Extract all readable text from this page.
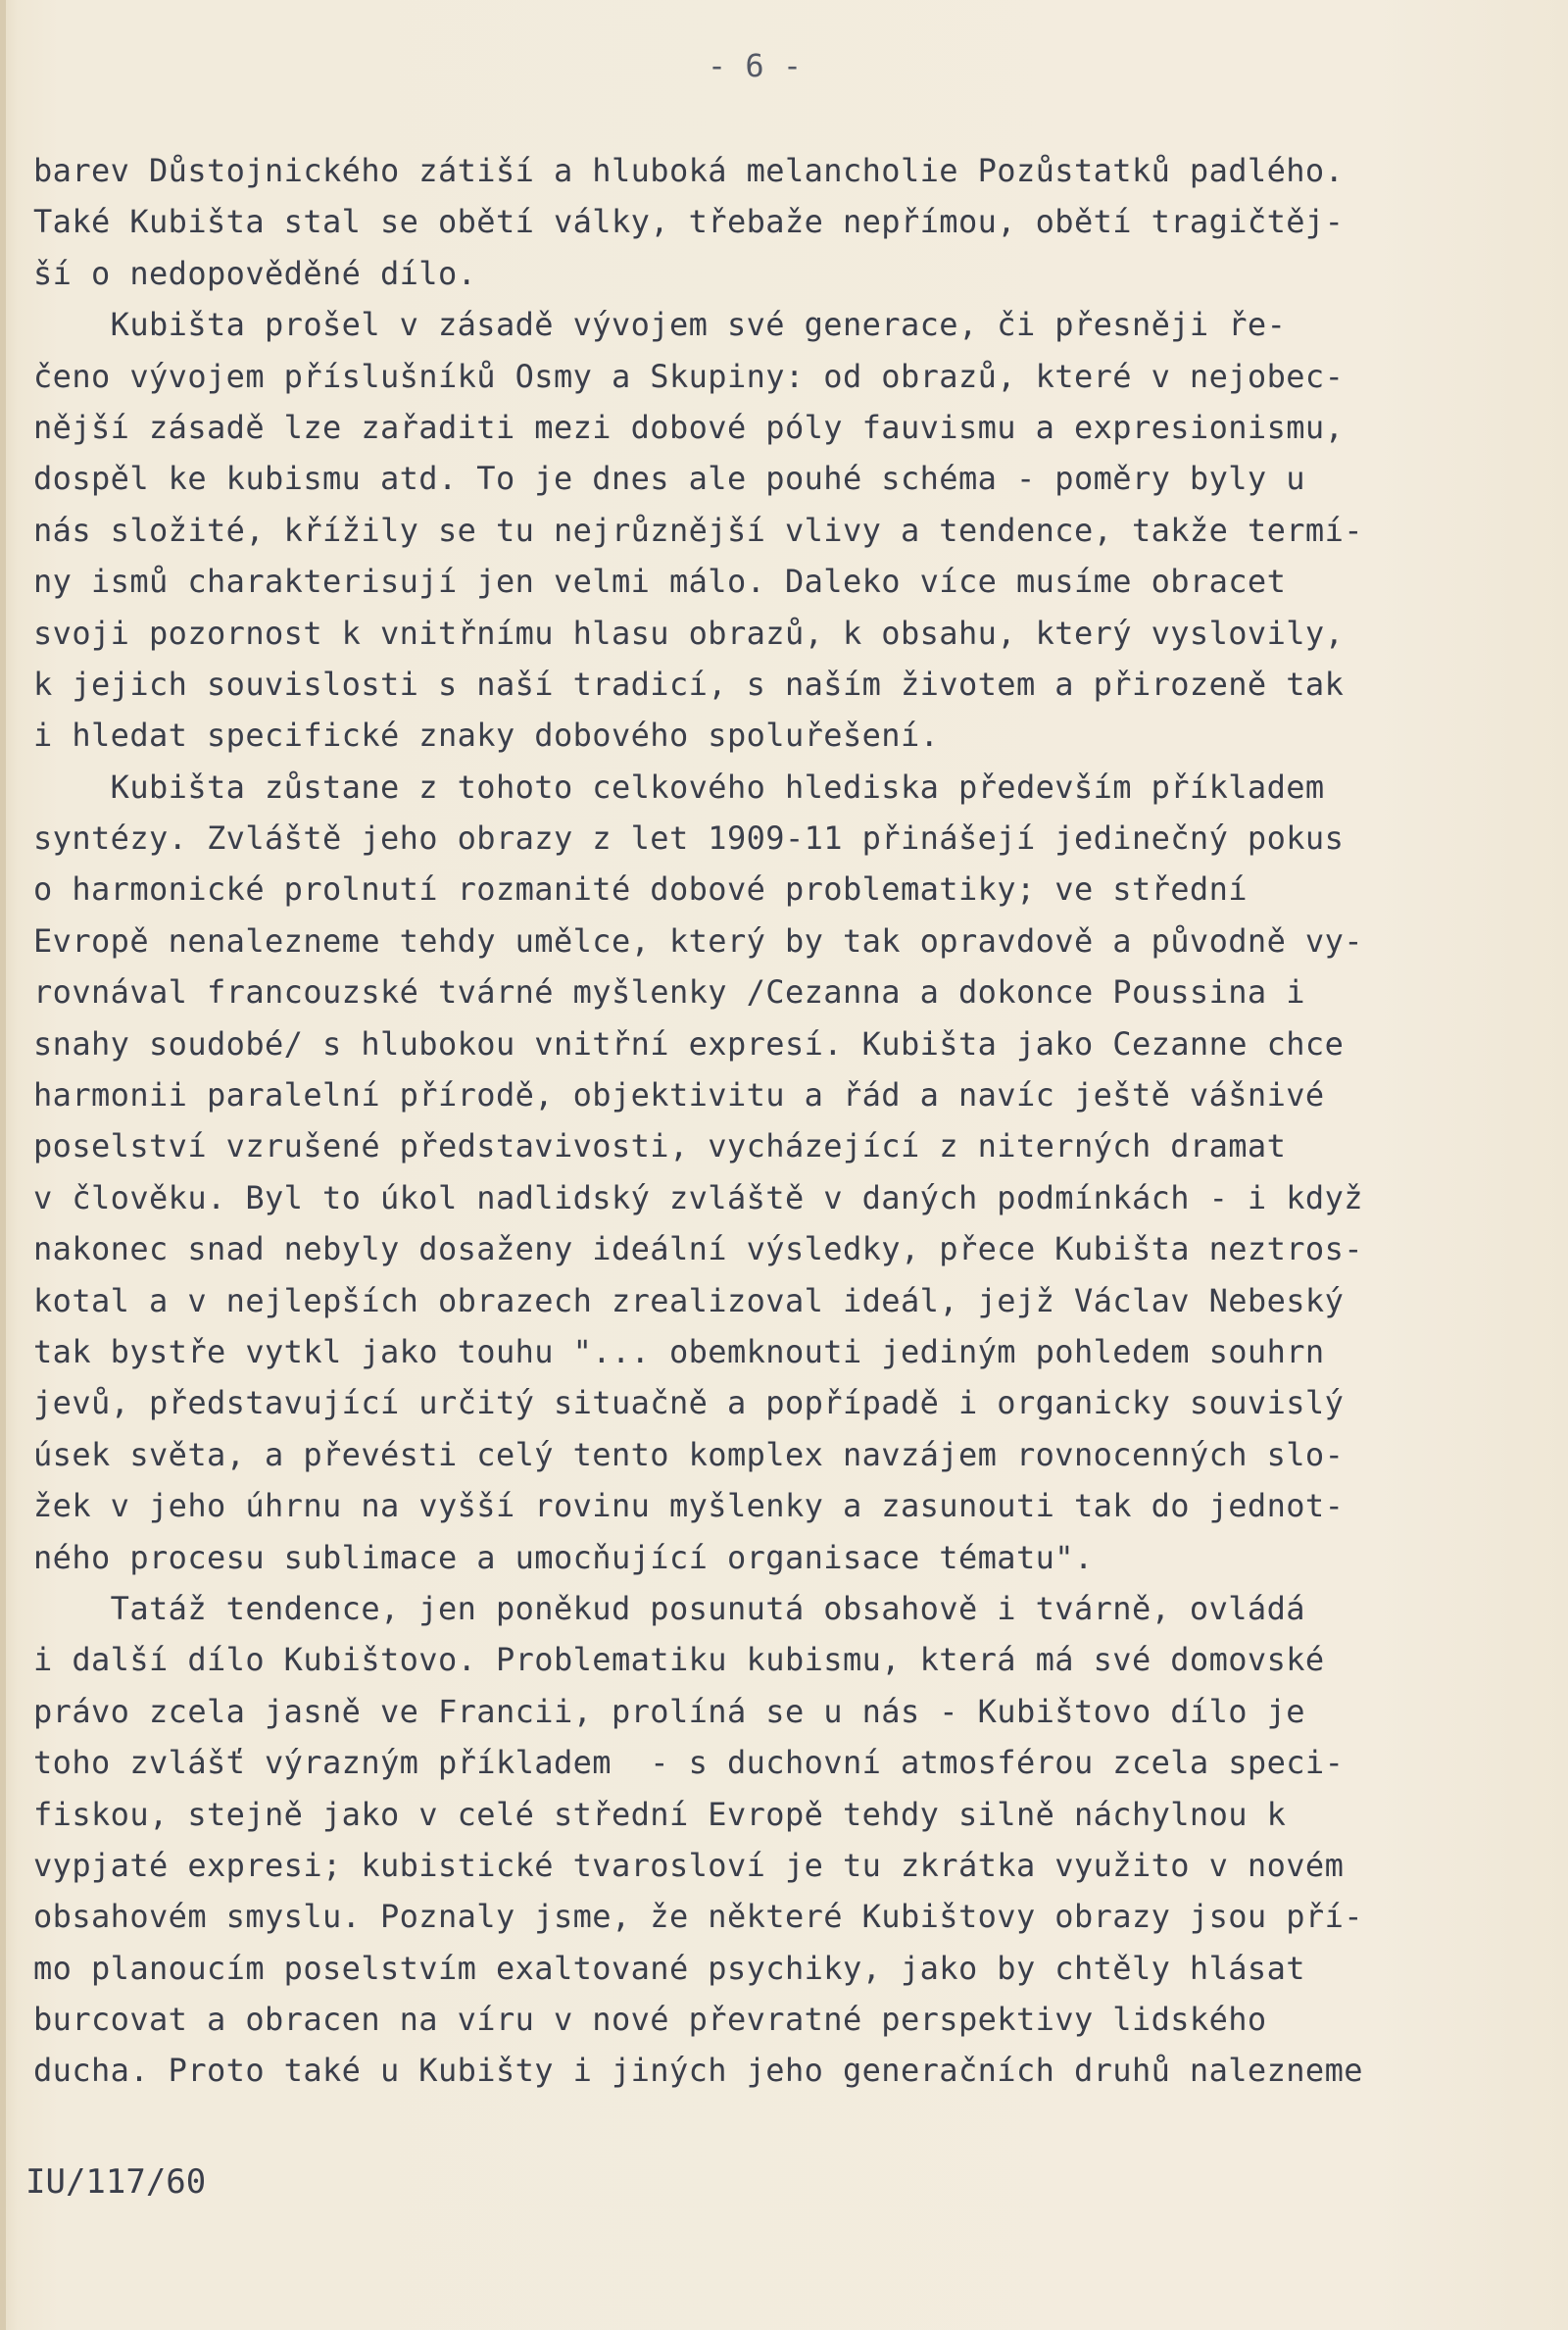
- 6 -
barev Důstojnického zátiší a hluboká melancholie Pozůstatků padlého.
Také Kubišta stal se obětí války, třebaže nepřímou, obětí tragičtěj-
ší o nedopověděné dílo.
Kubišta prošel v zásadě vývojem své generace, či přesněji ře-
čeno vývojem příslušníků Osmy a Skupiny: od obrazů, které v nejobec-
nější zásadě lze zařaditi mezi dobové póly fauvismu a expresionismu,
dospěl ke kubismu atd. To je dnes ale pouhé schéma - poměry byly u
nás složité, křížily se tu nejrůznější vlivy a tendence, takže termí-
ny ismů charakterisují jen velmi málo. Daleko více musíme obracet
svoji pozornost k vnitřnímu hlasu obrazů, k obsahu, který vyslovily,
k jejich souvislosti s naší tradicí, s naším životem a přirozeně tak
i hledat specifické znaky dobového spoluřešení.
Kubišta zůstane z tohoto celkového hlediska především příkladem
syntézy. Zvláště jeho obrazy z let 1909-11 přinášejí jedinečný pokus
o harmonické prolnutí rozmanité dobové problematiky; ve střední
Evropě nenalezneme tehdy umělce, který by tak opravdově a původně vy-
rovnával francouzské tvárné myšlenky /Cezanna a dokonce Poussina i
snahy soudobé/ s hlubokou vnitřní expresí. Kubišta jako Cezanne chce
harmonii paralelní přírodě, objektivitu a řád a navíc ještě vášnivé
poselství vzrušené představivosti, vycházející z niterných dramat
v člověku. Byl to úkol nadlidský zvláště v daných podmínkách - i když
nakonec snad nebyly dosaženy ideální výsledky, přece Kubišta neztros-
kotal a v nejlepších obrazech zrealizoval ideál, jejž Václav Nebeský
tak bystře vytkl jako touhu "... obemknouti jediným pohledem souhrn
jevů, představující určitý situačně a popřípadě i organicky souvislý
úsek světa, a převésti celý tento komplex navzájem rovnocenných slo-
žek v jeho úhrnu na vyšší rovinu myšlenky a zasunouti tak do jednot-
ného procesu sublimace a umocňující organisace tématu".
Tatáž tendence, jen poněkud posunutá obsahově i tvárně, ovládá
i další dílo Kubištovo. Problematiku kubismu, která má své domovské
právo zcela jasně ve Francii, prolíná se u nás - Kubištovo dílo je
toho zvlášť výrazným příkladem  - s duchovní atmosférou zcela speci-
fiskou, stejně jako v celé střední Evropě tehdy silně náchylnou k
vypjaté expresi; kubistické tvarosloví je tu zkrátka využito v novém
obsahovém smyslu. Poznaly jsme, že některé Kubištovy obrazy jsou pří-
mo planoucím poselstvím exaltované psychiky, jako by chtěly hlásat
burcovat a obracen na víru v nové převratné perspektivy lidského
ducha. Proto také u Kubišty i jiných jeho generačních druhů nalezneme
IU/117/60
